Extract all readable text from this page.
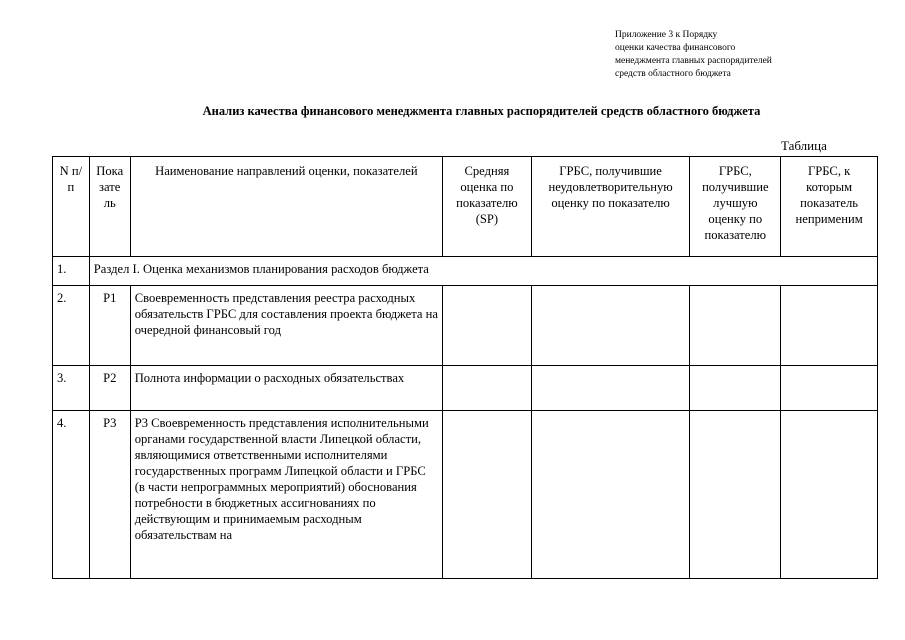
Приложение 3 к Порядку
оценки качества финансового
менеджмента главных распорядителей
средств областного бюджета
Анализ качества финансового менеджмента главных распорядителей средств областного бюджета
Таблица
N п/п	Пока зате ль	Наименование направлений оценки, показателей	Средняя оценка по показателю (SP)	ГРБС, получившие неудовлетворительную оценку по показателю	ГРБС, получившие лучшую оценку по показателю	ГРБС, к которым показатель неприменим
1.	Раздел I. Оценка механизмов планирования расходов бюджета					
2.	P1	Своевременность представления реестра расходных обязательств ГРБС для составления проекта бюджета на очередной финансовый год				
3.	P2	Полнота информации о расходных обязательствах				
4.	P3	P3 Своевременность представления исполнительными органами государственной власти Липецкой области, являющимися ответственными исполнителями государственных программ Липецкой области и ГРБС (в части непрограммных мероприятий) обоснования потребности в бюджетных ассигнованиях по действующим и принимаемым расходным обязательствам на				
